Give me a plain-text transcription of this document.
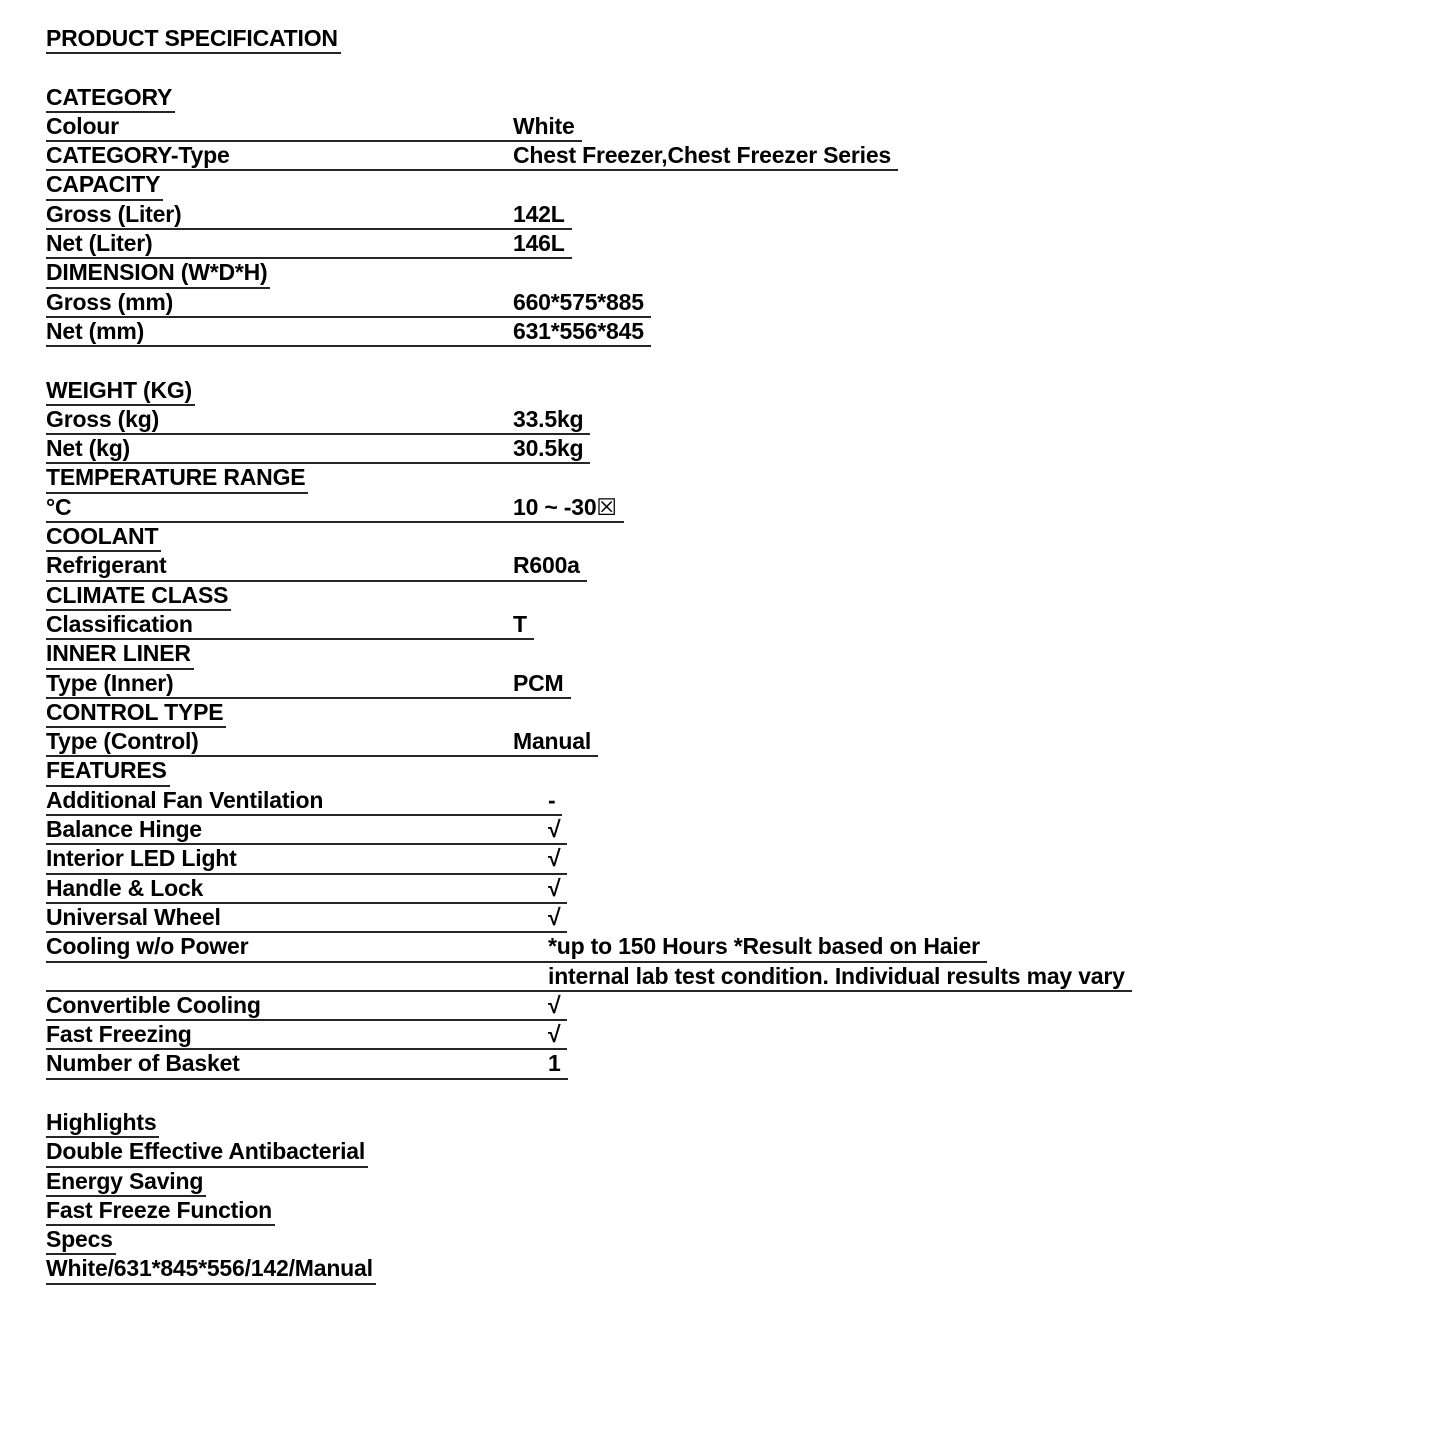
PRODUCT SPECIFICATION
CATEGORY
Colour	White
CATEGORY-Type	Chest Freezer,Chest Freezer Series
CAPACITY
Gross (Liter)	142L
Net (Liter)	146L
DIMENSION (W*D*H)
Gross (mm)	660*575*885
Net (mm)	631*556*845
WEIGHT (KG)
Gross (kg)	33.5kg
Net (kg)	30.5kg
TEMPERATURE RANGE
°C	10 ~ -30☒
COOLANT
Refrigerant	R600a
CLIMATE CLASS
Classification	T
INNER LINER
Type (Inner)	PCM
CONTROL TYPE
Type (Control)	Manual
FEATURES
Additional Fan Ventilation	-
Balance Hinge	√
Interior LED Light	√
Handle & Lock	√
Universal Wheel	√
Cooling w/o Power	*up to 150 Hours *Result based on Haier
internal lab test condition. Individual results may vary
Convertible Cooling	√
Fast Freezing	√
Number of Basket	1
Highlights
Double Effective Antibacterial
Energy Saving
Fast Freeze Function
Specs
White/631*845*556/142/Manual
